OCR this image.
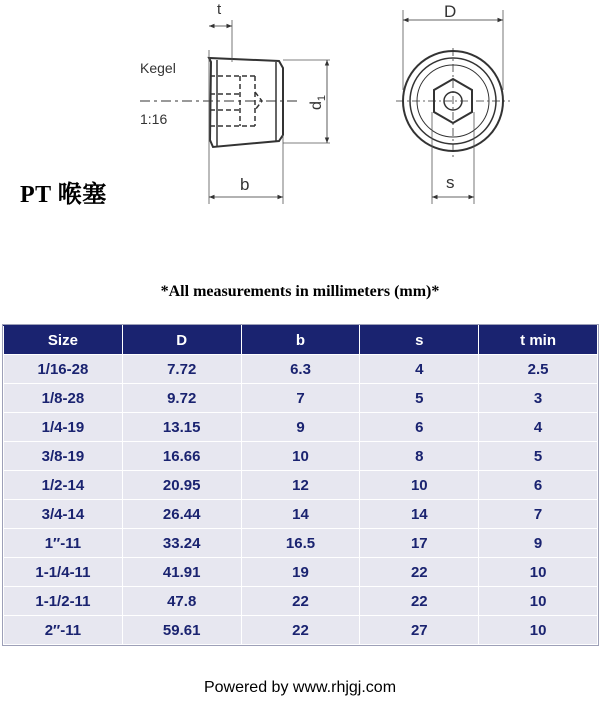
Kegel
1:16
t
b
$d_1$
D
s
PT 喉塞
*All measurements in millimeters (mm)*
Size	D	b	s	t min
1/16-28	7.72	6.3	4	2.5
1/8-28	9.72	7	5	3
1/4-19	13.15	9	6	4
3/8-19	16.66	10	8	5
1/2-14	20.95	12	10	6
3/4-14	26.44	14	14	7
1″-11	33.24	16.5	17	9
1-1/4-11	41.91	19	22	10
1-1/2-11	47.8	22	22	10
2″-11	59.61	22	27	10
Powered by www.rhjgj.com
